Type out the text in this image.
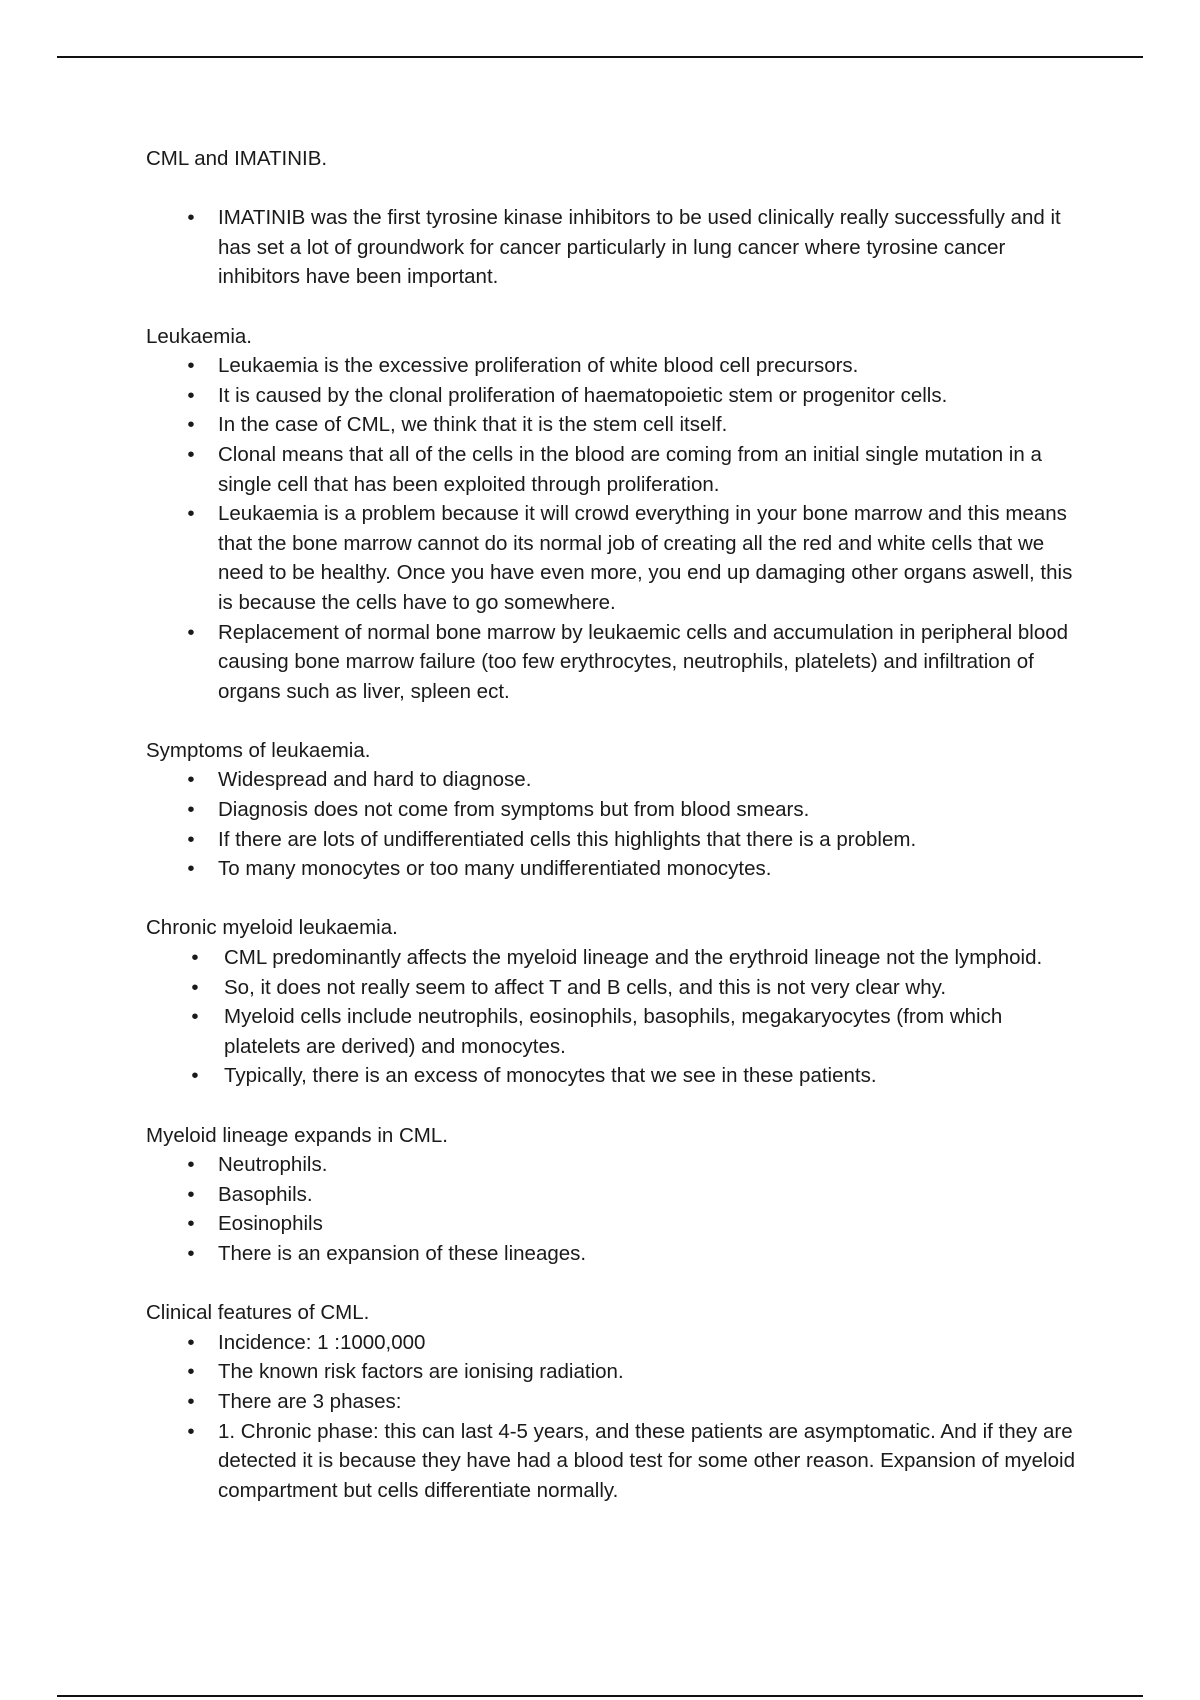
CML and IMATINIB.

• IMATINIB was the first tyrosine kinase inhibitors to be used clinically really successfully and it has set a lot of groundwork for cancer particularly in lung cancer where tyrosine cancer inhibitors have been important.

Leukaemia.

• Leukaemia is the excessive proliferation of white blood cell precursors.
• It is caused by the clonal proliferation of haematopoietic stem or progenitor cells.
• In the case of CML, we think that it is the stem cell itself.
• Clonal means that all of the cells in the blood are coming from an initial single mutation in a single cell that has been exploited through proliferation.
• Leukaemia is a problem because it will crowd everything in your bone marrow and this means that the bone marrow cannot do its normal job of creating all the red and white cells that we need to be healthy. Once you have even more, you end up damaging other organs aswell, this is because the cells have to go somewhere.
• Replacement of normal bone marrow by leukaemic cells and accumulation in peripheral blood causing bone marrow failure (too few erythrocytes, neutrophils, platelets) and infiltration of organs such as liver, spleen ect.

Symptoms of leukaemia.

• Widespread and hard to diagnose.
• Diagnosis does not come from symptoms but from blood smears.
• If there are lots of undifferentiated cells this highlights that there is a problem.
• To many monocytes or too many undifferentiated monocytes.

Chronic myeloid leukaemia.

• CML predominantly affects the myeloid lineage and the erythroid lineage not the lymphoid.
• So, it does not really seem to affect T and B cells, and this is not very clear why.
• Myeloid cells include neutrophils, eosinophils, basophils, megakaryocytes (from which platelets are derived) and monocytes.
• Typically, there is an excess of monocytes that we see in these patients.

Myeloid lineage expands in CML.

• Neutrophils.
• Basophils.
• Eosinophils
• There is an expansion of these lineages.

Clinical features of CML.

• Incidence: 1 :1000,000
• The known risk factors are ionising radiation.
• There are 3 phases:
• 1. Chronic phase: this can last 4-5 years, and these patients are asymptomatic. And if they are detected it is because they have had a blood test for some other reason. Expansion of myeloid compartment but cells differentiate normally.
